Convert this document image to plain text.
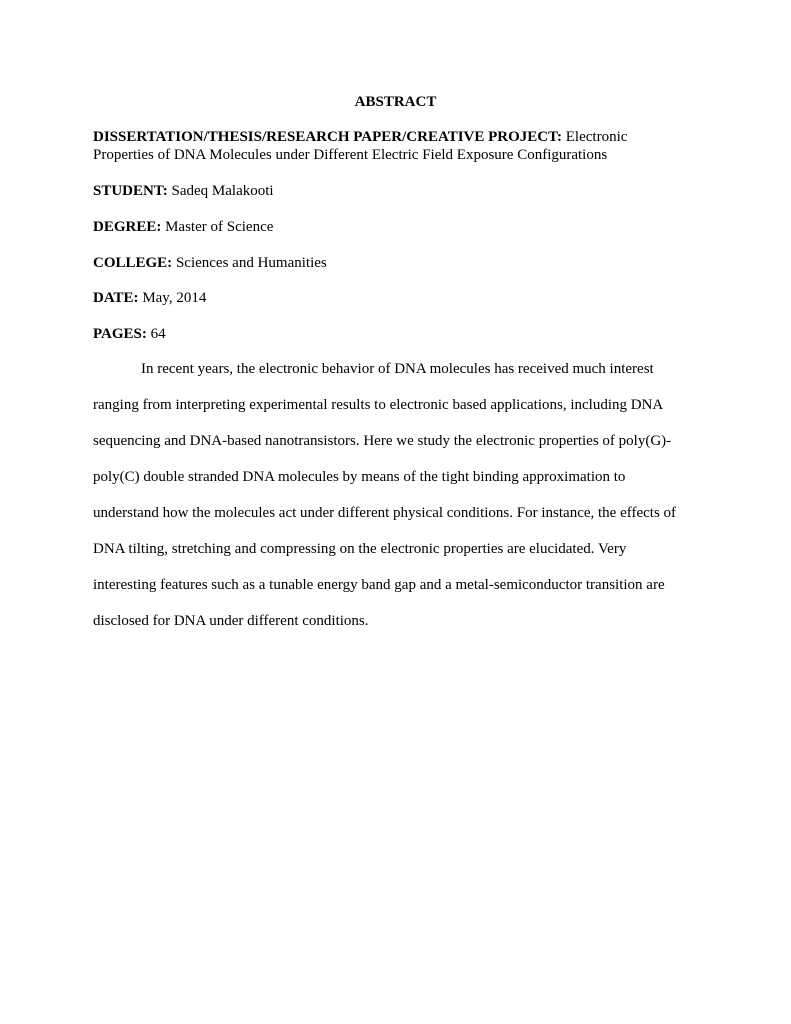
ABSTRACT
DISSERTATION/THESIS/RESEARCH PAPER/CREATIVE PROJECT: Electronic
Properties of DNA Molecules under Different Electric Field Exposure Configurations
STUDENT: Sadeq Malakooti
DEGREE: Master of Science
COLLEGE: Sciences and Humanities
DATE: May, 2014
PAGES: 64
In recent years, the electronic behavior of DNA molecules has received much interest
ranging from interpreting experimental results to electronic based applications, including DNA
sequencing and DNA-based nanotransistors. Here we study the electronic properties of poly(G)-
poly(C) double stranded DNA molecules by means of the tight binding approximation to
understand how the molecules act under different physical conditions. For instance, the effects of
DNA tilting, stretching and compressing on the electronic properties are elucidated. Very
interesting features such as a tunable energy band gap and a metal-semiconductor transition are
disclosed for DNA under different conditions.
